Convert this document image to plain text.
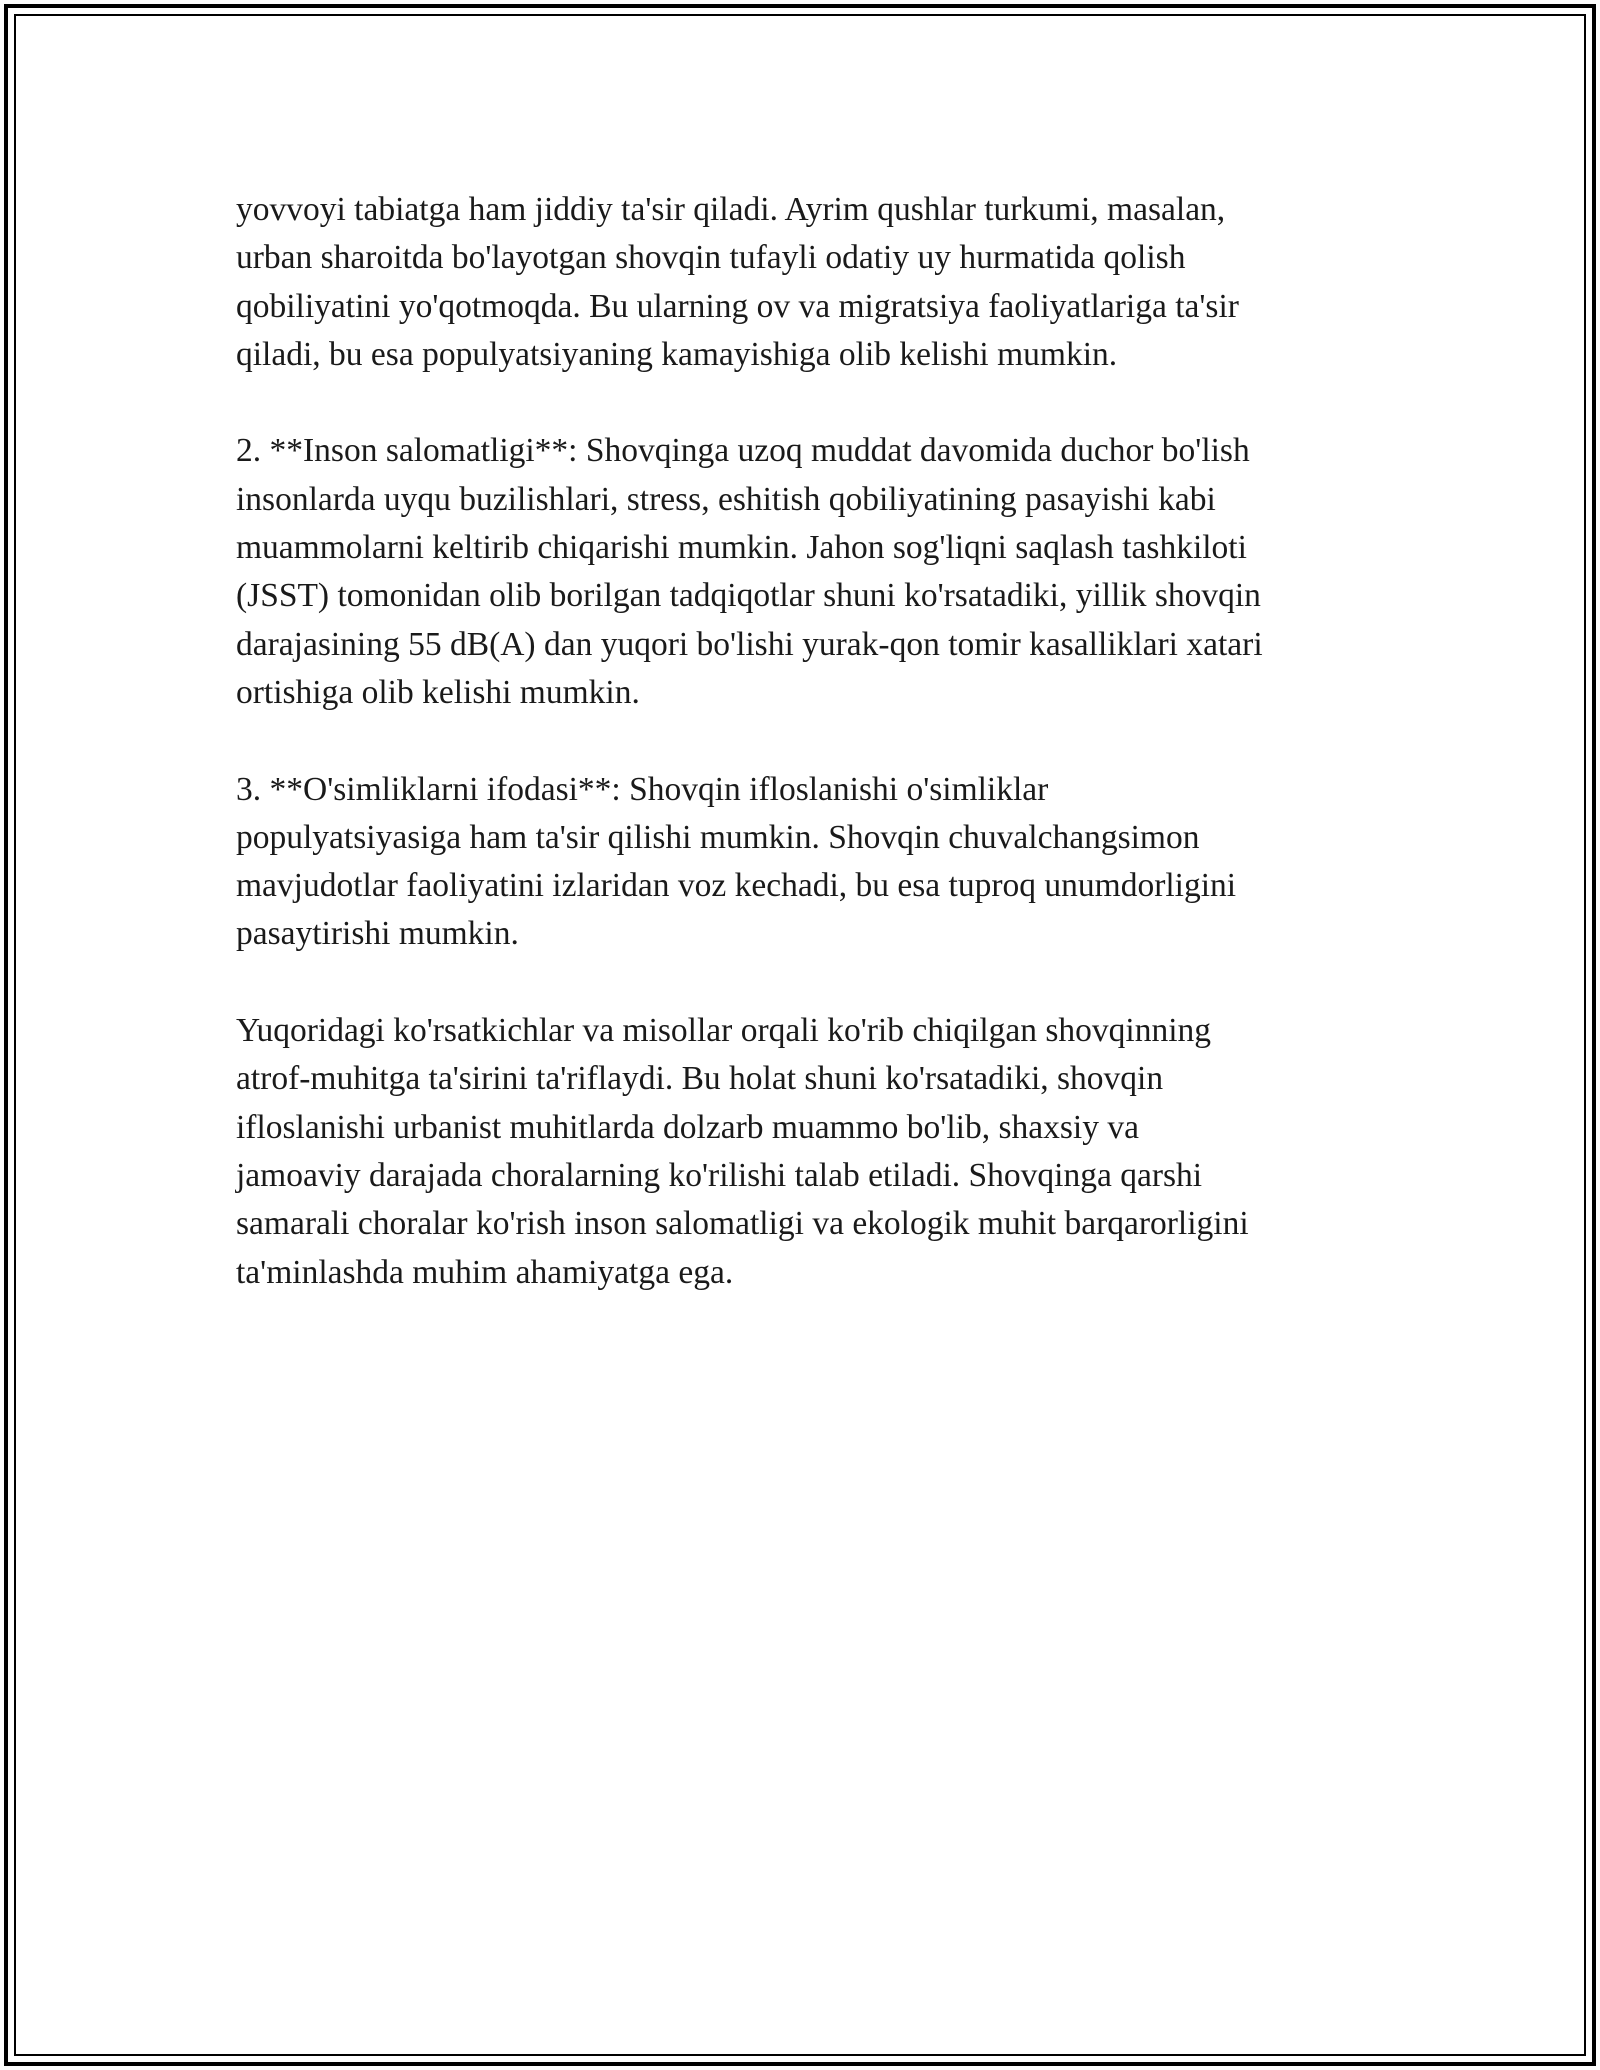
yovvoyi tabiatga ham jiddiy ta'sir qiladi. Ayrim qushlar turkumi, masalan,
urban sharoitda bo'layotgan shovqin tufayli odatiy uy hurmatida qolish
qobiliyatini yo'qotmoqda. Bu ularning ov va migratsiya faoliyatlariga ta'sir
qiladi, bu esa populyatsiyaning kamayishiga olib kelishi mumkin.

2. **Inson salomatligi**: Shovqinga uzoq muddat davomida duchor bo'lish
insonlarda uyqu buzilishlari, stress, eshitish qobiliyatining pasayishi kabi
muammolarni keltirib chiqarishi mumkin. Jahon sog'liqni saqlash tashkiloti
(JSST) tomonidan olib borilgan tadqiqotlar shuni ko'rsatadiki, yillik shovqin
darajasining 55 dB(A) dan yuqori bo'lishi yurak-qon tomir kasalliklari xatari
ortishiga olib kelishi mumkin.

3. **O'simliklarni ifodasi**: Shovqin ifloslanishi o'simliklar
populyatsiyasiga ham ta'sir qilishi mumkin. Shovqin chuvalchangsimon
mavjudotlar faoliyatini izlaridan voz kechadi, bu esa tuproq unumdorligini
pasaytirishi mumkin.

Yuqoridagi ko'rsatkichlar va misollar orqali ko'rib chiqilgan shovqinning
atrof-muhitga ta'sirini ta'riflaydi. Bu holat shuni ko'rsatadiki, shovqin
ifloslanishi urbanist muhitlarda dolzarb muammo bo'lib, shaxsiy va
jamoaviy darajada choralarning ko'rilishi talab etiladi. Shovqinga qarshi
samarali choralar ko'rish inson salomatligi va ekologik muhit barqarorligini
ta'minlashda muhim ahamiyatga ega.
